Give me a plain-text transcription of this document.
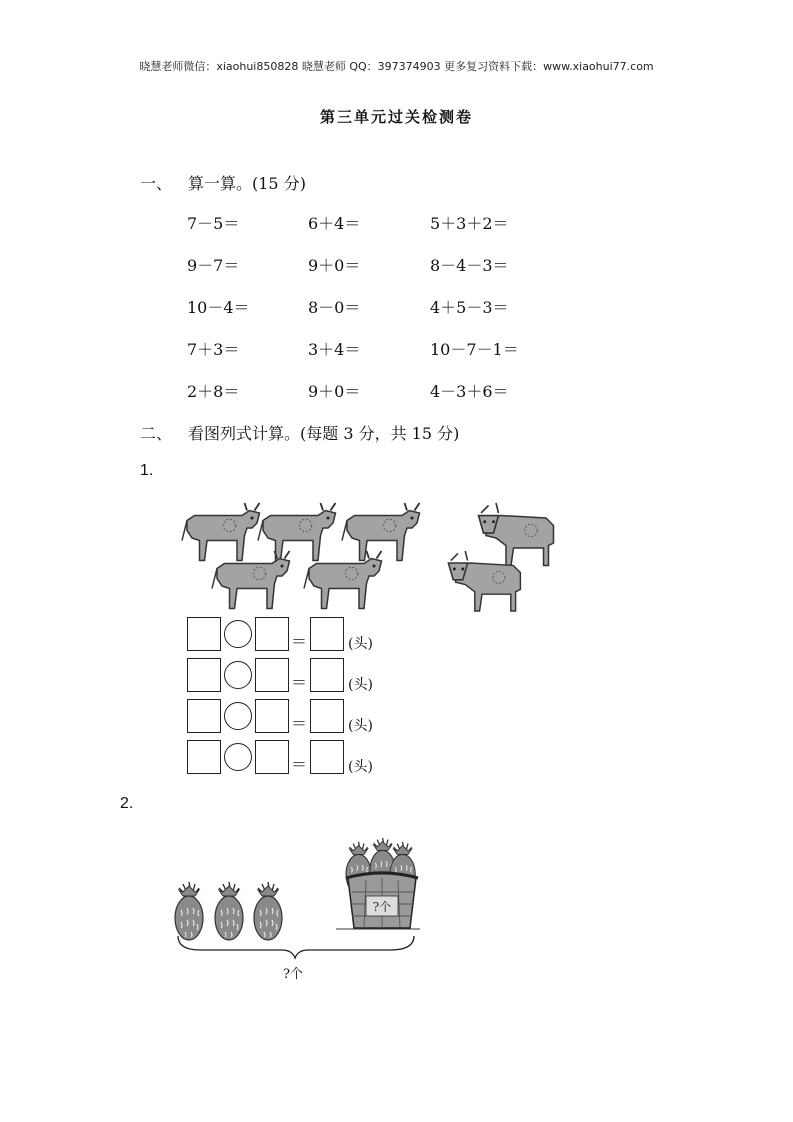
晓慧老师微信：xiaohui850828 晓慧老师 QQ：397374903 更多复习资料下载：www.xiaohui77.com
第三单元过关检测卷
一、 算一算。(15 分)
7－5＝	6＋4＝	5＋3＋2＝
9－7＝	9＋0＝	8－4－3＝
10－4＝	8－0＝	4＋5－3＝
7＋3＝	3＋4＝	10－7－1＝
2＋8＝	9＋0＝	4－3＋6＝
二、 看图列式计算。(每题 3 分，共 15 分)
1.
＝	(头)
＝	(头)
＝	(头)
＝	(头)
2.
?个
?个
